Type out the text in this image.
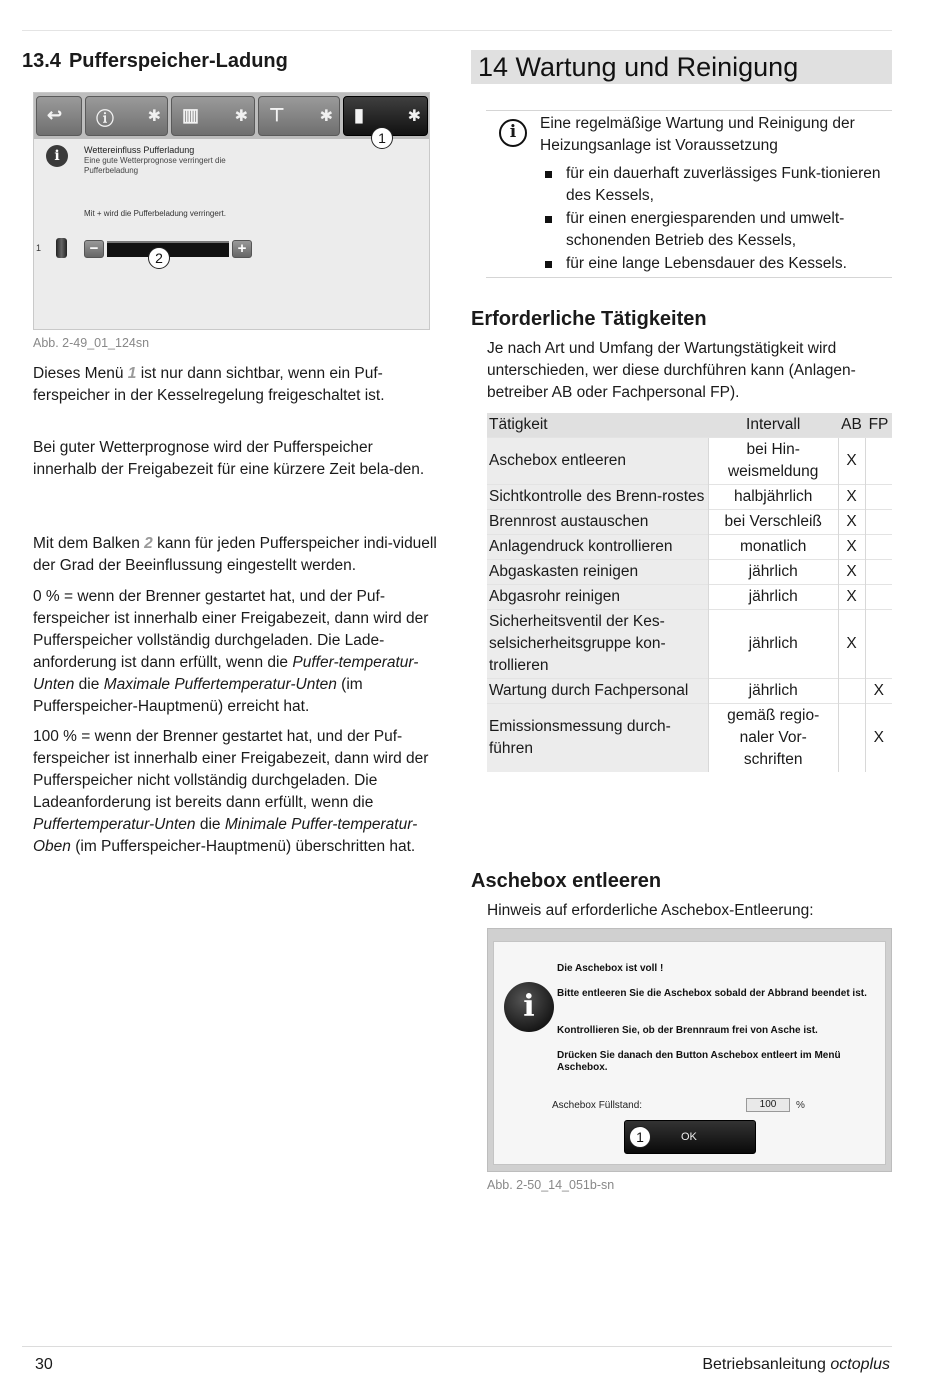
13.4 Pufferspeicher-Ladung
↩ ⓘ ✱ ▥ ✱ ⊤ ✱ ▮	✱
1
i	Wettereinfluss Pufferladung
Eine gute Wetterprognose verringert die Pufferbeladung
Mit + wird die Pufferbeladung verringert.
1	−	+
2
Abb. 2-49_01_124sn

Dieses Menü 1 ist nur dann sichtbar, wenn ein Puf-ferspeicher in der Kesselregelung freigeschaltet ist.

Bei guter Wetterprognose wird der Pufferspeicher innerhalb der Freigabezeit für eine kürzere Zeit bela-den.

Mit dem Balken 2 kann für jeden Pufferspeicher indi-viduell der Grad der Beeinflussung eingestellt werden.

0 % = wenn der Brenner gestartet hat, und der Puf-ferspeicher ist innerhalb einer Freigabezeit, dann wird der Pufferspeicher vollständig durchgeladen. Die Lade-anforderung ist dann erfüllt, wenn die Puffer-temperatur-Unten die Maximale Puffertemperatur-Unten (im Pufferspeicher-Hauptmenü) erreicht hat.

100 % = wenn der Brenner gestartet hat, und der Puf-ferspeicher ist innerhalb einer Freigabezeit, dann wird der Pufferspeicher nicht vollständig durchgeladen. Die Ladeanforderung ist bereits dann erfüllt, wenn die Puffertemperatur-Unten die Minimale Puffer-temperatur-Oben (im Pufferspeicher-Hauptmenü) überschritten hat.

14 Wartung und Reinigung
i	Eine regelmäßige Wartung und Reinigung der Heizungsanlage ist Voraussetzung
für ein dauerhaft zuverlässiges Funk-tionieren des Kessels,
für einen energiesparenden und umwelt-schonenden Betrieb des Kessels,
für eine lange Lebensdauer des Kessels.
Erforderliche Tätigkeiten

Je nach Art und Umfang der Wartungstätigkeit wird unterschieden, wer diese durchführen kann (Anlagen-betreiber AB oder Fachpersonal FP).

Tätigkeit	Intervall	AB	FP
Aschebox entleeren	bei Hin-weismeldung	X	
Sichtkontrolle des Brenn-rostes	halbjährlich	X	
Brennrost austauschen	bei Verschleiß	X	
Anlagendruck kontrollieren	monatlich	X	
Abgaskasten reinigen	jährlich	X	
Abgasrohr reinigen	jährlich	X	
Sicherheitsventil der Kes-selsicherheitsgruppe kon-trollieren	jährlich	X	
Wartung durch Fachpersonal	jährlich		X
Emissionsmessung durch-führen	gemäß regio-naler Vor-schriften		X
Aschebox entleeren

Hinweis auf erforderliche Aschebox-Entleerung:

i
Die Aschebox ist voll !
Bitte entleeren Sie die Aschebox sobald der Abbrand beendet ist.
Kontrollieren Sie, ob der Brennraum frei von Asche ist.
Drücken Sie danach den Button Aschebox entleert im Menü Aschebox.
Aschebox Füllstand:	100	%
1	OK
Abb. 2-50_14_051b-sn
30	Betriebsanleitung octoplus
